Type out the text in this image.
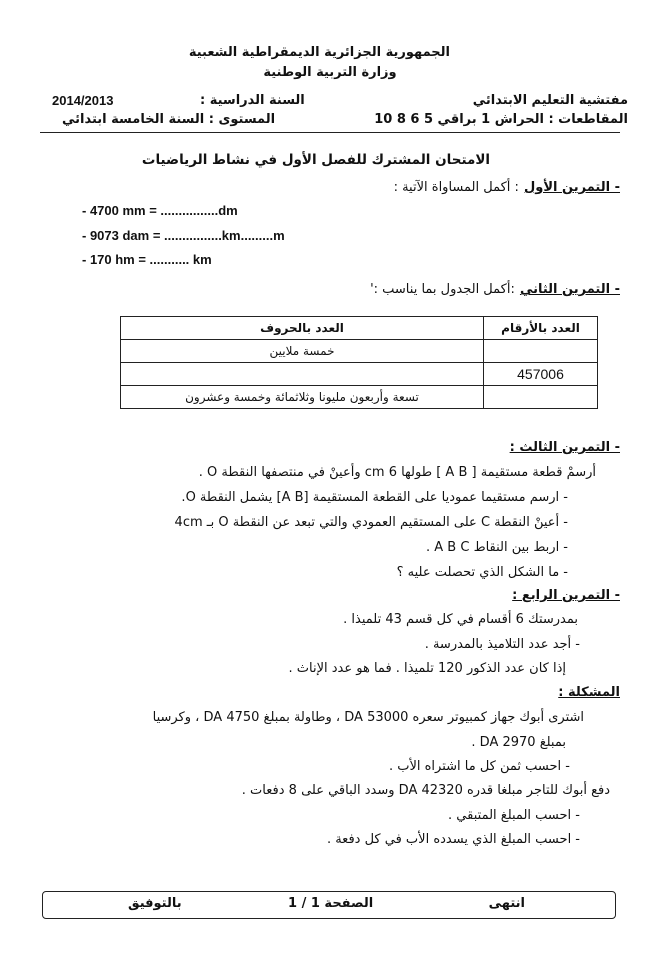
الجمهورية الجزائرية الديمقراطية الشعبية
وزارة التربية الوطنية
مفتشية التعليم الابتدائي
المقاطعات : الحراش 1 براقي 5 6 8 10
السنة الدراسية :
2014/2013
المستوى : السنة الخامسة ابتدائي
الامتحان المشترك للفصل الأول في نشاط الرياضيات
- التمرين الأول : أكمل المساواة الآتية :
- 4700 mm = ................dm
- 9073 dam = ................km.........m
- 170 hm = ........... km
- التمرين الثاني :أكمل الجدول بما يناسب :'
العدد بالحروف	العدد بالأرقام
خمسة ملايين	
	457006
تسعة وأربعون مليونا وثلاثمائة وخمسة وعشرون	
- التمرين الثالث :
أرسمْ قطعة مستقيمة [ A B ] طولها 6 cm وأعينْ في منتصفها النقطة O .
- ارسم مستقيما عموديا على القطعة المستقيمة [A B] يشمل النقطة O.
- أعينْ النقطة C على المستقيم العمودي والتي تبعد عن النقطة O بـ 4cm
- اربط بين النقاط A B C .
- ما الشكل الذي تحصلت عليه ؟
- التمرين الرابع :
بمدرستك 6 أقسام في كل قسم 43 تلميذا .
- أجد عدد التلاميذ بالمدرسة .
إذا كان عدد الذكور 120 تلميذا . فما هو عدد الإناث .
المشكلة :
اشترى أبوك جهاز كمبيوتر سعره 53000 DA ، وطاولة بمبلغ 4750 DA ، وكرسيا
بمبلغ 2970 DA .
- احسب ثمن كل ما اشتراه الأب .
دفع أبوك للتاجر مبلغا قدره 42320 DA وسدد الباقي على 8 دفعات .
- احسب المبلغ المتبقي .
- احسب المبلغ الذي يسدده الأب في كل دفعة .
انتهى
الصفحة 1 / 1
بالتوفيق
